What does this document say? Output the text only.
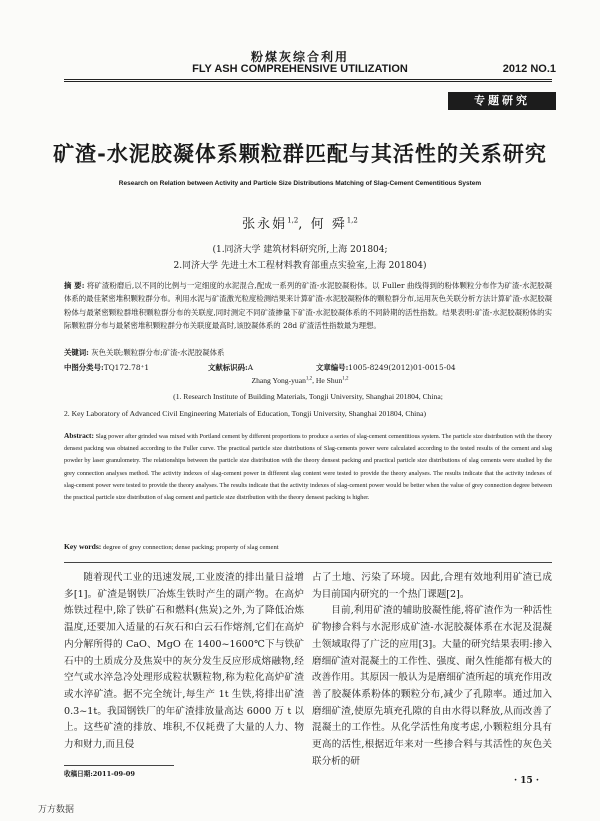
粉煤灰综合利用
FLY ASH COMPREHENSIVE UTILIZATION	2012 NO.1
专题研究
矿渣-水泥胶凝体系颗粒群匹配与其活性的关系研究
Research on Relation between Activity and Particle Size Distributions Matching of Slag-Cement Cementitious System
张永娟$^{1,2}$, 何 舜$^{1,2}$
(1.同济大学 建筑材料研究所,上海 201804;
2.同济大学 先进土木工程材料教育部重点实验室,上海 201804)
摘 要: 将矿渣粉磨后,以不同的比例与一定细度的水泥混合,配成一系列的矿渣-水泥胶凝粉体。以 Fuller 曲线得到的粉体颗粒分布作为矿渣-水泥胶凝体系的最佳紧密堆积颗粒群分布。利用水泥与矿渣激光粒度检测结果来计算矿渣-水泥胶凝粉体的颗粒群分布,运用灰色关联分析方法计算矿渣-水泥胶凝粉体与最紧密颗粒群堆积颗粒群分布的关联度,同时测定不同矿渣掺量下矿渣-水泥胶凝体系的不同龄期的活性指数。结果表明:矿渣-水泥胶凝粉体的实际颗粒群分布与最紧密堆积颗粒群分布关联度最高时,该胶凝体系的 28d 矿渣活性指数最为理想。
关键词: 灰色关联;颗粒群分布;矿渣-水泥胶凝体系
中图分类号:TQ172.78⁺1	文献标识码:A	文章编号:1005-8249(2012)01-0015-04
Zhang Yong-yuan$^{1,2}$, He Shun$^{1,2}$
(1. Research Institute of Building Materials, Tongji University, Shanghai 201804, China;
2. Key Laboratory of Advanced Civil Engineering Materials of Education, Tongji University, Shanghai 201804, China)
Abstract: Slag power after grinded was mixed with Portland cement by different proportions to produce a series of slag-cement cementitious system. The particle size distribution with the theory densest packing was obtained according to the Fuller curve. The practical particle size distributions of Slag-cements power were calculated according to the tested results of the cement and slag powder by laser granulometry. The relationships between the particle size distribution with the theory densest packing and practical particle size distributions of slag cements were studied by the grey connection analyses method. The activity indexes of slag-cement power in different slag content were tested to provide the theory analyses. The results indicate that the activity indexes of slag-cement power were tested to provide the theory analyses. The results indicate that the activity indexes of slag-cement power would be better when the value of grey connection degree between the practical particle size distribution of slag cement and particle size distribution with the theory densest packing is higher.
Key words: degree of grey connection; dense packing; property of slag cement

随着现代工业的迅速发展,工业废渣的排出量日益增多[1]。矿渣是钢铁厂冶炼生铁时产生的副产物。在高炉炼铁过程中,除了铁矿石和燃料(焦炭)之外,为了降低冶炼温度,还要加入适量的石灰石和白云石作熔剂,它们在高炉内分解所得的 CaO、MgO 在 1400~1600℃下与铁矿石中的土质成分及焦炭中的灰分发生反应形成熔融物,经空气或水淬急冷处理形成粒状颗粒物,称为粒化高炉矿渣或水淬矿渣。据不完全统计,每生产 1t 生铁,将排出矿渣 0.3~1t。我国钢铁厂的年矿渣排放量高达 6000 万 t 以上。这些矿渣的排放、堆积,不仅耗费了大量的人力、物力和财力,而且侵

占了土地、污染了环境。因此,合理有效地利用矿渣已成为目前国内研究的一个热门课题[2]。

目前,利用矿渣的辅助胶凝性能,将矿渣作为一种活性矿物掺合料与水泥形成矿渣-水泥胶凝体系在水泥及混凝土领域取得了广泛的应用[3]。大量的研究结果表明:掺入磨细矿渣对混凝土的工作性、强度、耐久性能都有极大的改善作用。其原因一般认为是磨细矿渣所起的填充作用改善了胶凝体系粉体的颗粒分布,减少了孔隙率。通过加入磨细矿渣,使原先填充孔隙的自由水得以释放,从而改善了混凝土的工作性。从化学活性角度考虑,小颗粒组分具有更高的活性,根据近年来对一些掺合料与其活性的灰色关联分析的研

收稿日期:2011-09-09
· 15 ·
万方数据
